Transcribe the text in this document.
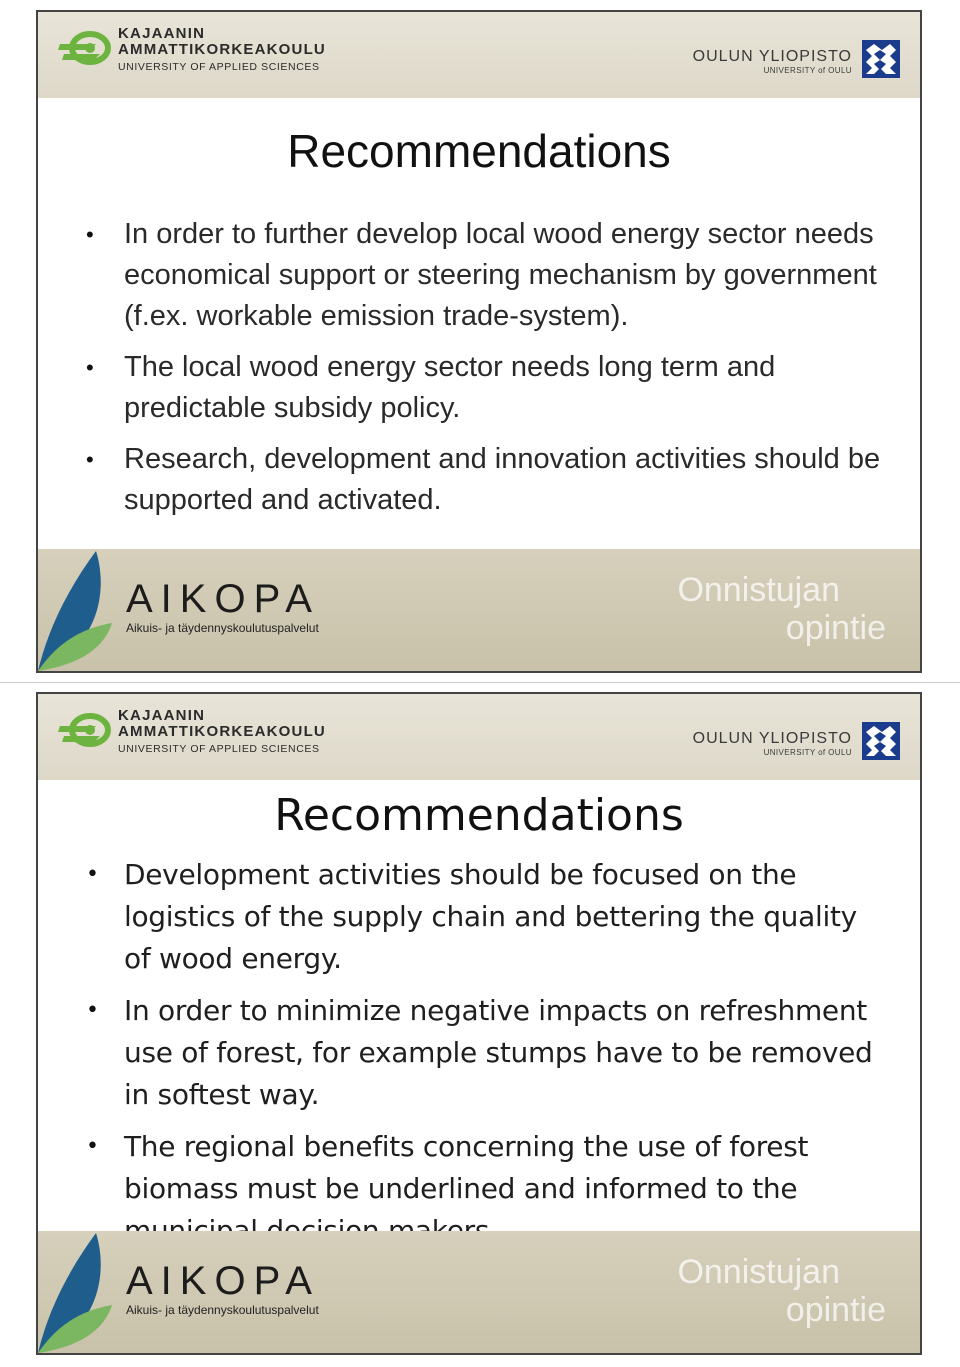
KAJAANIN
AMMATTIKORKEAKOULU
UNIVERSITY OF APPLIED SCIENCES
OULUN YLIOPISTO
UNIVERSITY of OULU
Recommendations
• In order to further develop local wood energy sector needs economical support or steering mechanism by government (f.ex. workable emission trade-system).
• The local wood energy sector needs long term and predictable subsidy policy.
• Research, development and innovation activities should be supported and activated.
AIKOPA
Aikuis- ja täydennyskoulutuspalvelut
Onnistujan
opintie
KAJAANIN
AMMATTIKORKEAKOULU
UNIVERSITY OF APPLIED SCIENCES
OULUN YLIOPISTO
UNIVERSITY of OULU
Recommendations
• Development activities should be focused on the logistics of the supply chain and bettering the quality of wood energy.
• In order to minimize negative impacts on refreshment use of forest, for example stumps have to be removed in softest way.
• The regional benefits concerning the use of forest biomass must be underlined and informed to the
AIKOPA
Aikuis- ja täydennyskoulutuspalvelut
Onnistujan
opintie
